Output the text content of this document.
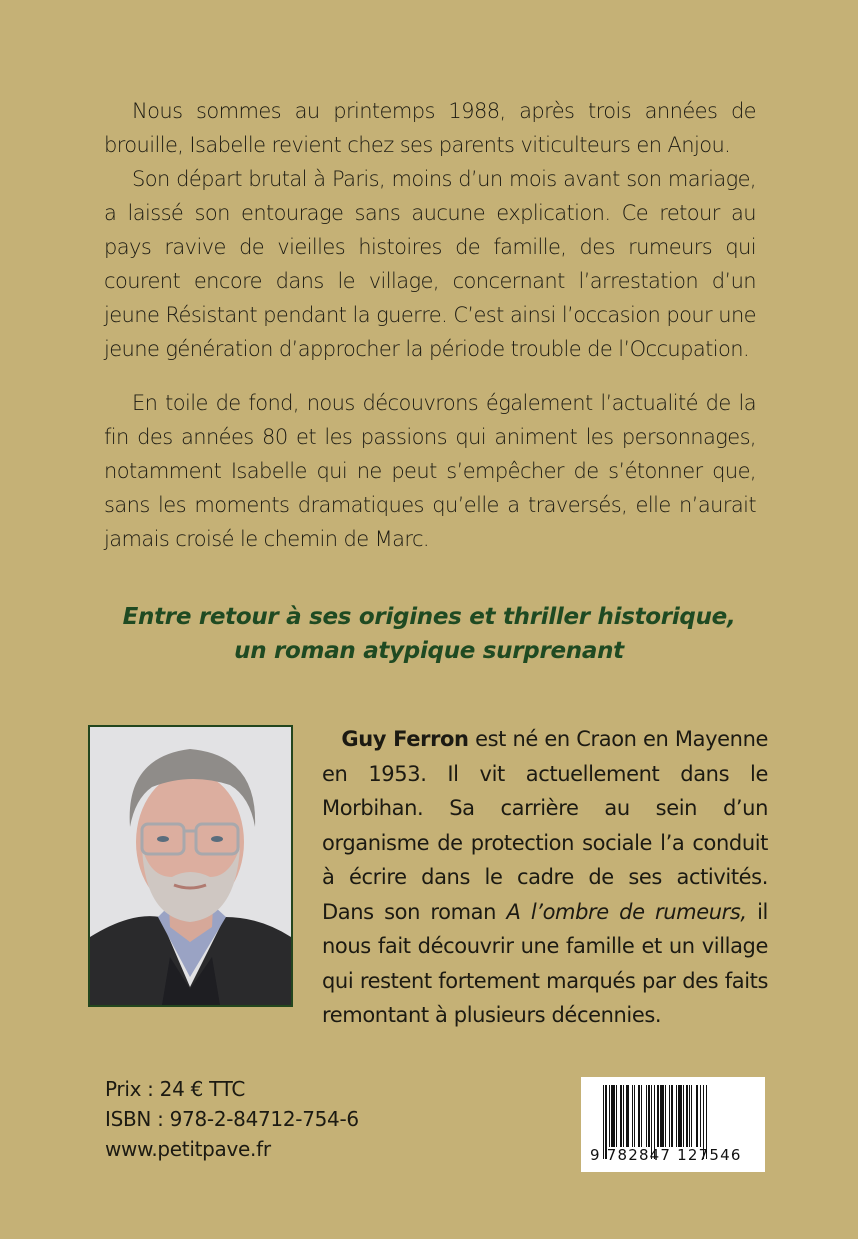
Nous sommes au printemps 1988, après trois années de brouille, Isabelle revient chez ses parents viticulteurs en Anjou.

Son départ brutal à Paris, moins d’un mois avant son mariage, a laissé son entourage sans aucune explication. Ce retour au pays ravive de vieilles histoires de famille, des rumeurs qui courent encore dans le village, concernant l’arrestation d’un jeune Résistant pendant la guerre. C’est ainsi l’occasion pour une jeune génération d’approcher la période trouble de l’Occupation.

En toile de fond, nous découvrons également l’actualité de la fin des années 80 et les passions qui animent les personnages, notamment Isabelle qui ne peut s’empêcher de s’étonner que, sans les moments dramatiques qu’elle a traversés, elle n’aurait jamais croisé le chemin de Marc.

Entre retour à ses origines et thriller historique,
un roman atypique surprenant

Guy Ferron est né en Craon en Mayenne en 1953. Il vit actuellement dans le Morbihan. Sa carrière au sein d’un organisme de protection sociale l’a conduit à écrire dans le cadre de ses activités. Dans son roman A l’ombre de rumeurs, il nous fait découvrir une famille et un village qui restent fortement marqués par des faits remontant à plusieurs décennies.

Prix : 24 € TTC
ISBN : 978-2-84712-754-6
www.petitpave.fr	9 782847 127546
